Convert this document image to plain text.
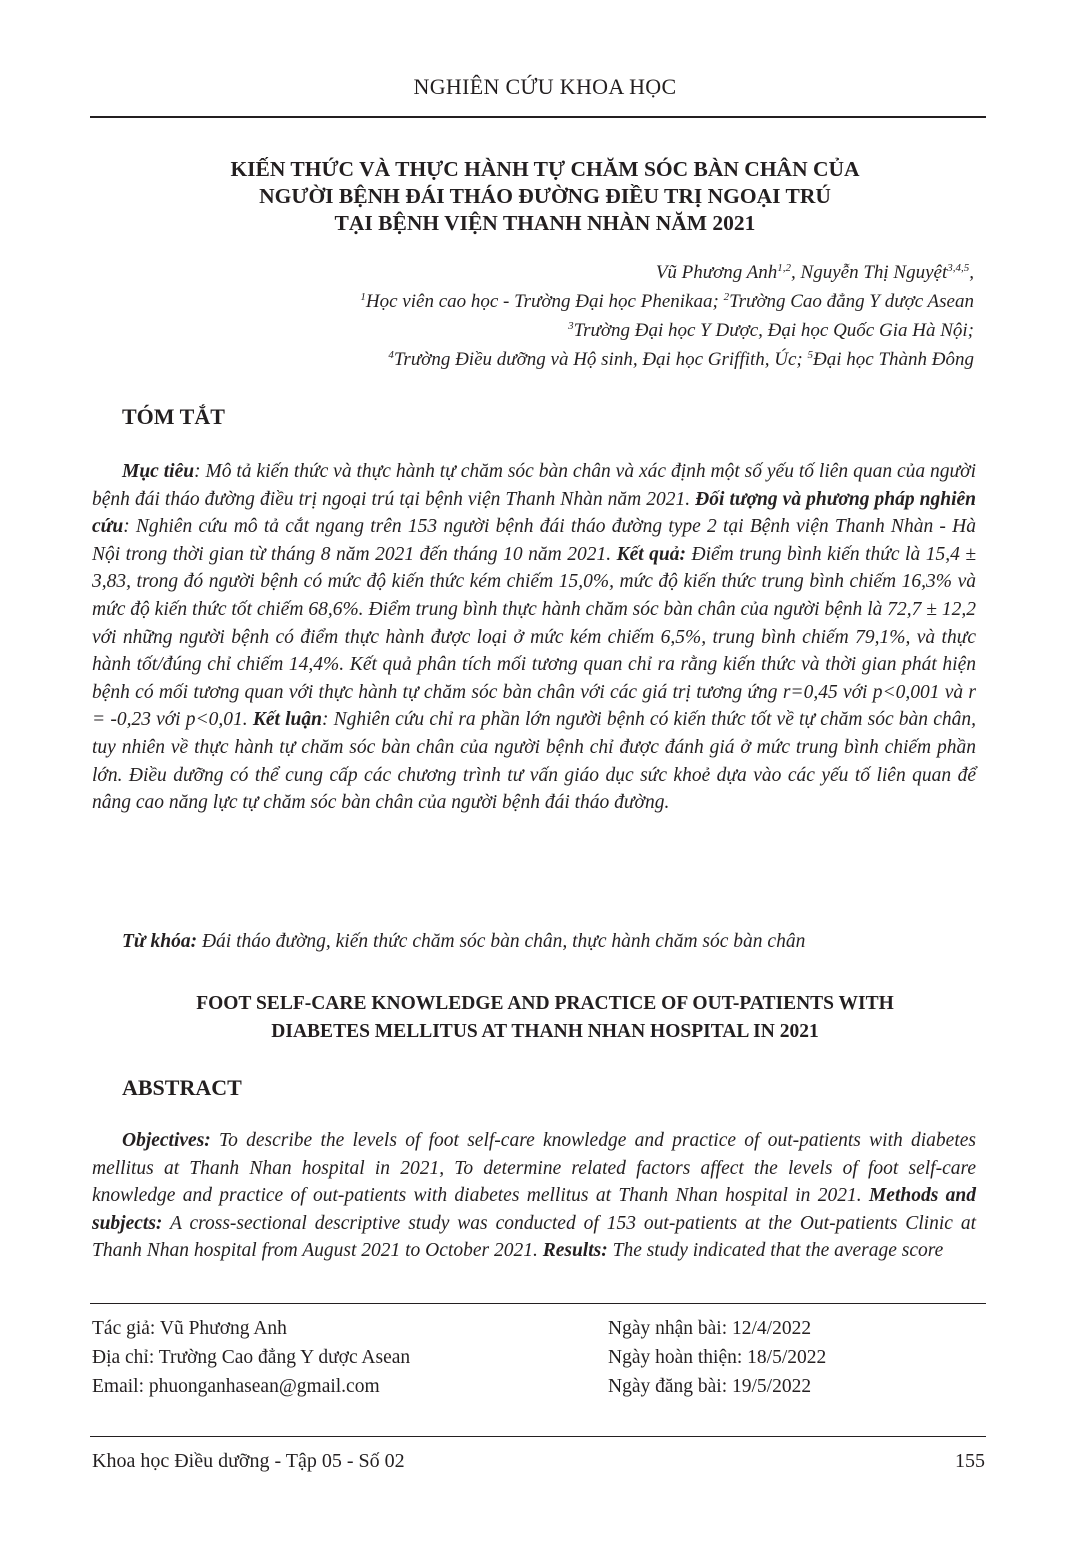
NGHIÊN CỨU KHOA HỌC
KIẾN THỨC VÀ THỰC HÀNH TỰ CHĂM SÓC BÀN CHÂN CỦA
NGƯỜI BỆNH ĐÁI THÁO ĐƯỜNG ĐIỀU TRỊ NGOẠI TRÚ
TẠI BỆNH VIỆN THANH NHÀN NĂM 2021
Vũ Phương Anh$^{1,2}$, Nguyễn Thị Nguyệt$^{3,4,5}$,
$^1$Học viên cao học - Trường Đại học Phenikaa; $^2$Trường Cao đẳng Y dược Asean
$^3$Trường Đại học Y Dược, Đại học Quốc Gia Hà Nội;
$^4$Trường Điều dưỡng và Hộ sinh, Đại học Griffith, Úc; $^5$Đại học Thành Đông
TÓM TẮT

Mục tiêu: Mô tả kiến thức và thực hành tự chăm sóc bàn chân và xác định một số yếu tố liên quan của người bệnh đái tháo đường điều trị ngoại trú tại bệnh viện Thanh Nhàn năm 2021. Đối tượng và phương pháp nghiên cứu: Nghiên cứu mô tả cắt ngang trên 153 người bệnh đái tháo đường type 2 tại Bệnh viện Thanh Nhàn - Hà Nội trong thời gian từ tháng 8 năm 2021 đến tháng 10 năm 2021. Kết quả: Điểm trung bình kiến thức là 15,4 ± 3,83, trong đó người bệnh có mức độ kiến thức kém chiếm 15,0%, mức độ kiến thức trung bình chiếm 16,3% và mức độ kiến thức tốt chiếm 68,6%. Điểm trung bình thực hành chăm sóc bàn chân của người bệnh là 72,7 ± 12,2 với những người bệnh có điểm thực hành được loại ở mức kém chiếm 6,5%, trung bình chiếm 79,1%, và thực hành tốt/đúng chỉ chiếm 14,4%. Kết quả phân tích mối tương quan chỉ ra rằng kiến thức và thời gian phát hiện bệnh có mối tương quan với thực hành tự chăm sóc bàn chân với các giá trị tương ứng r=0,45 với p<0,001 và r = -0,23 với p<0,01. Kết luận: Nghiên cứu chỉ ra phần lớn người bệnh có kiến thức tốt về tự chăm sóc bàn chân, tuy nhiên về thực hành tự chăm sóc bàn chân của người bệnh chỉ được đánh giá ở mức trung bình chiếm phần lớn. Điều dưỡng có thể cung cấp các chương trình tư vấn giáo dục sức khoẻ dựa vào các yếu tố liên quan để nâng cao năng lực tự chăm sóc bàn chân của người bệnh đái tháo đường.

Từ khóa: Đái tháo đường, kiến thức chăm sóc bàn chân, thực hành chăm sóc bàn chân

FOOT SELF-CARE KNOWLEDGE AND PRACTICE OF OUT-PATIENTS WITH
DIABETES MELLITUS AT THANH NHAN HOSPITAL IN 2021
ABSTRACT

Objectives: To describe the levels of foot self-care knowledge and practice of out-patients with diabetes mellitus at Thanh Nhan hospital in 2021, To determine related factors affect the levels of foot self-care knowledge and practice of out-patients with diabetes mellitus at Thanh Nhan hospital in 2021. Methods and subjects: A cross-sectional descriptive study was conducted of 153 out-patients at the Out-patients Clinic at Thanh Nhan hospital from August 2021 to October 2021. Results: The study indicated that the average score

Tác giả: Vũ Phương Anh
Địa chỉ: Trường Cao đẳng Y dược Asean
Email: phuonganhasean@gmail.com
Ngày nhận bài: 12/4/2022
Ngày hoàn thiện: 18/5/2022
Ngày đăng bài: 19/5/2022
Khoa học Điều dưỡng - Tập 05 - Số 02	155
